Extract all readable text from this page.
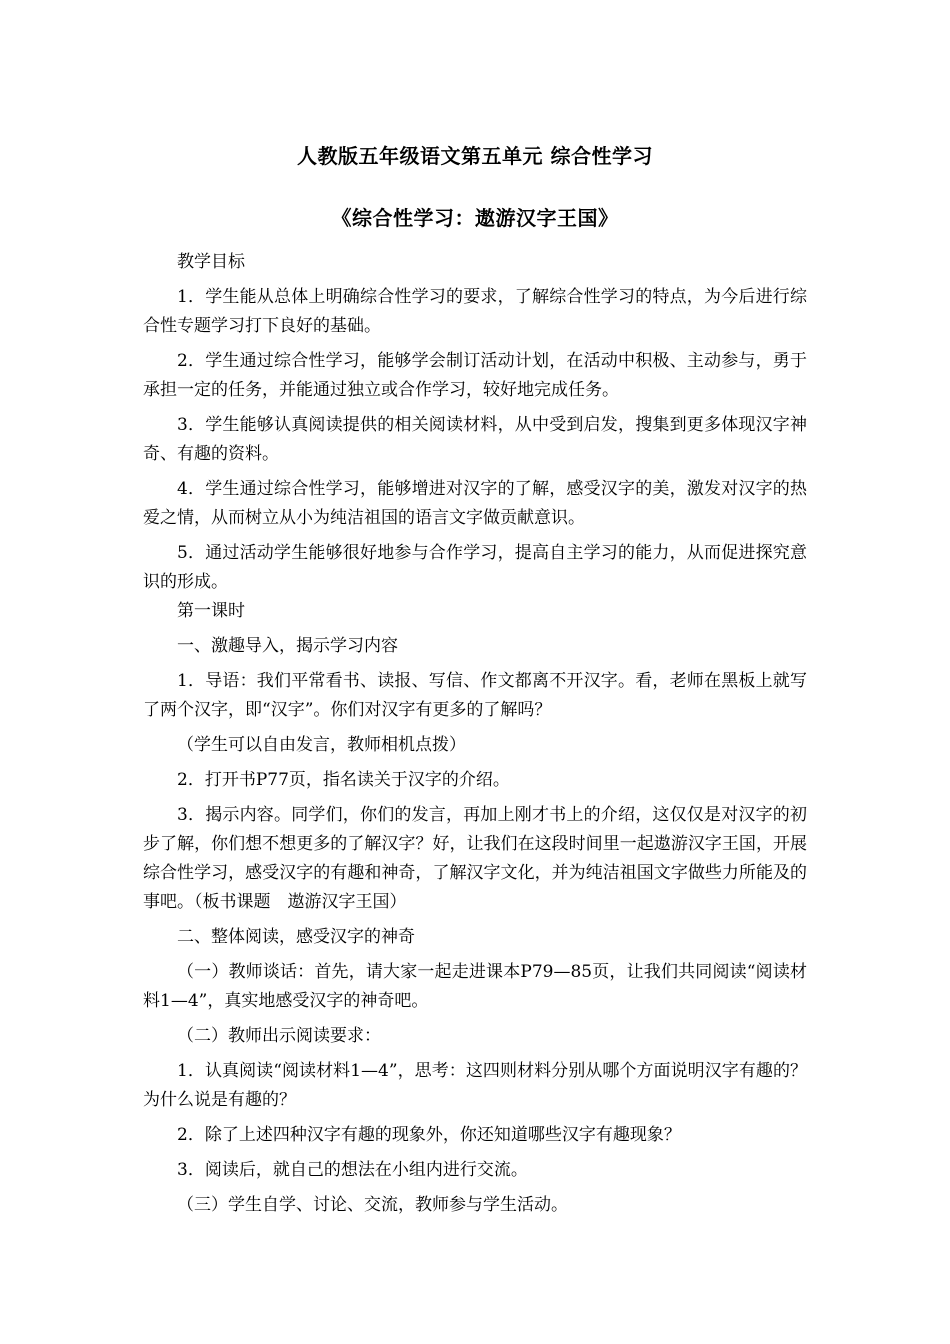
人教版五年级语文第五单元 综合性学习
《综合性学习：遨游汉字王国》

教学目标

1．学生能从总体上明确综合性学习的要求，了解综合性学习的特点，为今后进行综合性专题学习打下良好的基础。

2．学生通过综合性学习，能够学会制订活动计划，在活动中积极、主动参与，勇于承担一定的任务，并能通过独立或合作学习，较好地完成任务。

3．学生能够认真阅读提供的相关阅读材料，从中受到启发，搜集到更多体现汉字神奇、有趣的资料。

4．学生通过综合性学习，能够增进对汉字的了解，感受汉字的美，激发对汉字的热爱之情，从而树立从小为纯洁祖国的语言文字做贡献意识。

5．通过活动学生能够很好地参与合作学习，提高自主学习的能力，从而促进探究意识的形成。

第一课时

一、激趣导入，揭示学习内容

1．导语：我们平常看书、读报、写信、作文都离不开汉字。看，老师在黑板上就写了两个汉字，即“汉字”。你们对汉字有更多的了解吗？

（学生可以自由发言，教师相机点拨）

2．打开书P77页，指名读关于汉字的介绍。

3．揭示内容。同学们，你们的发言，再加上刚才书上的介绍，这仅仅是对汉字的初步了解，你们想不想更多的了解汉字？好，让我们在这段时间里一起遨游汉字王国，开展综合性学习，感受汉字的有趣和神奇，了解汉字文化，并为纯洁祖国文字做些力所能及的事吧。（板书课题　遨游汉字王国）

二、整体阅读，感受汉字的神奇

（一）教师谈话：首先，请大家一起走进课本P79—85页，让我们共同阅读“阅读材料1—4”，真实地感受汉字的神奇吧。

（二）教师出示阅读要求：

1．认真阅读“阅读材料1—4”，思考：这四则材料分别从哪个方面说明汉字有趣的？为什么说是有趣的？

2．除了上述四种汉字有趣的现象外，你还知道哪些汉字有趣现象？

3．阅读后，就自己的想法在小组内进行交流。

（三）学生自学、讨论、交流，教师参与学生活动。
